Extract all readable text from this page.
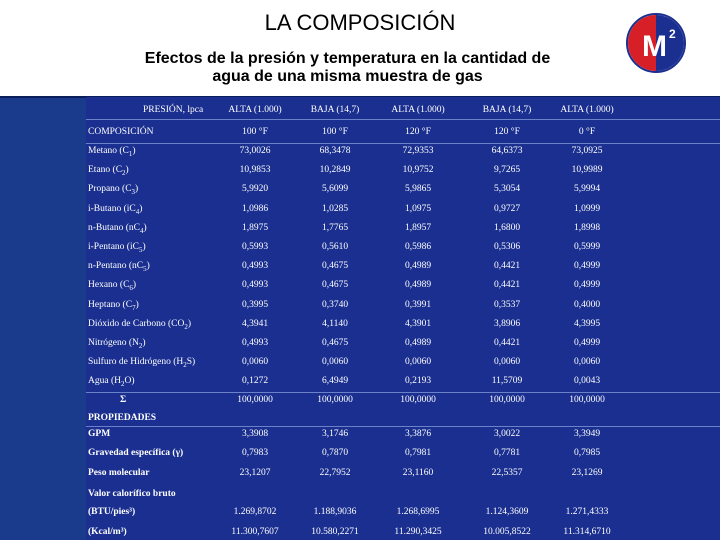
LA COMPOSICIÓN
Efectos de la presión y temperatura en la cantidad de
agua de una misma muestra de gas
M 2
PRESIÓN, lpca	ALTA (1.000)	BAJA (14,7)	ALTA (1.000)	BAJA (14,7)	ALTA (1.000)
COMPOSICIÓN	100 °F	100 °F	120 °F	120 °F	0 °F
Metano $(C_1)$	73,0026	68,3478	72,9353	64,6373	73,0925
Etano $(C_2)$	10,9853	10,2849	10,9752	9,7265	10,9989
Propano $(C_3)$	5,9920	5,6099	5,9865	5,3054	5,9994
i-Butano $(iC_4)$	1,0986	1,0285	1,0975	0,9727	1,0999
n-Butano $(nC_4)$	1,8975	1,7765	1,8957	1,6800	1,8998
i-Pentano $(iC_5)$	0,5993	0,5610	0,5986	0,5306	0,5999
n-Pentano $(nC_5)$	0,4993	0,4675	0,4989	0,4421	0,4999
Hexano $(C_6)$	0,4993	0,4675	0,4989	0,4421	0,4999
Heptano $(C_7)$	0,3995	0,3740	0,3991	0,3537	0,4000
Dióxido de Carbono $(CO_2)$	4,3941	4,1140	4,3901	3,8906	4,3995
Nitrógeno $(N_2)$	0,4993	0,4675	0,4989	0,4421	0,4999
Sulfuro de Hidrógeno $(H_2S)$	0,0060	0,0060	0,0060	0,0060	0,0060
Agua $(H_2O)$	0,1272	6,4949	0,2193	11,5709	0,0043
Σ	100,0000	100,0000	100,0000	100,0000	100,0000
PROPIEDADES
GPM	3,3908	3,1746	3,3876	3,0022	3,3949
Gravedad específica (γ)	0,7983	0,7870	0,7981	0,7781	0,7985
Peso molecular	23,1207	22,7952	23,1160	22,5357	23,1269
Valor calorífico bruto
(BTU/pies³)	1.269,8702	1.188,9036	1.268,6995	1.124,3609	1.271,4333
(Kcal/m³)	11.300,7607	10.580,2271	11.290,3425	10.005,8522	11.314,6710
